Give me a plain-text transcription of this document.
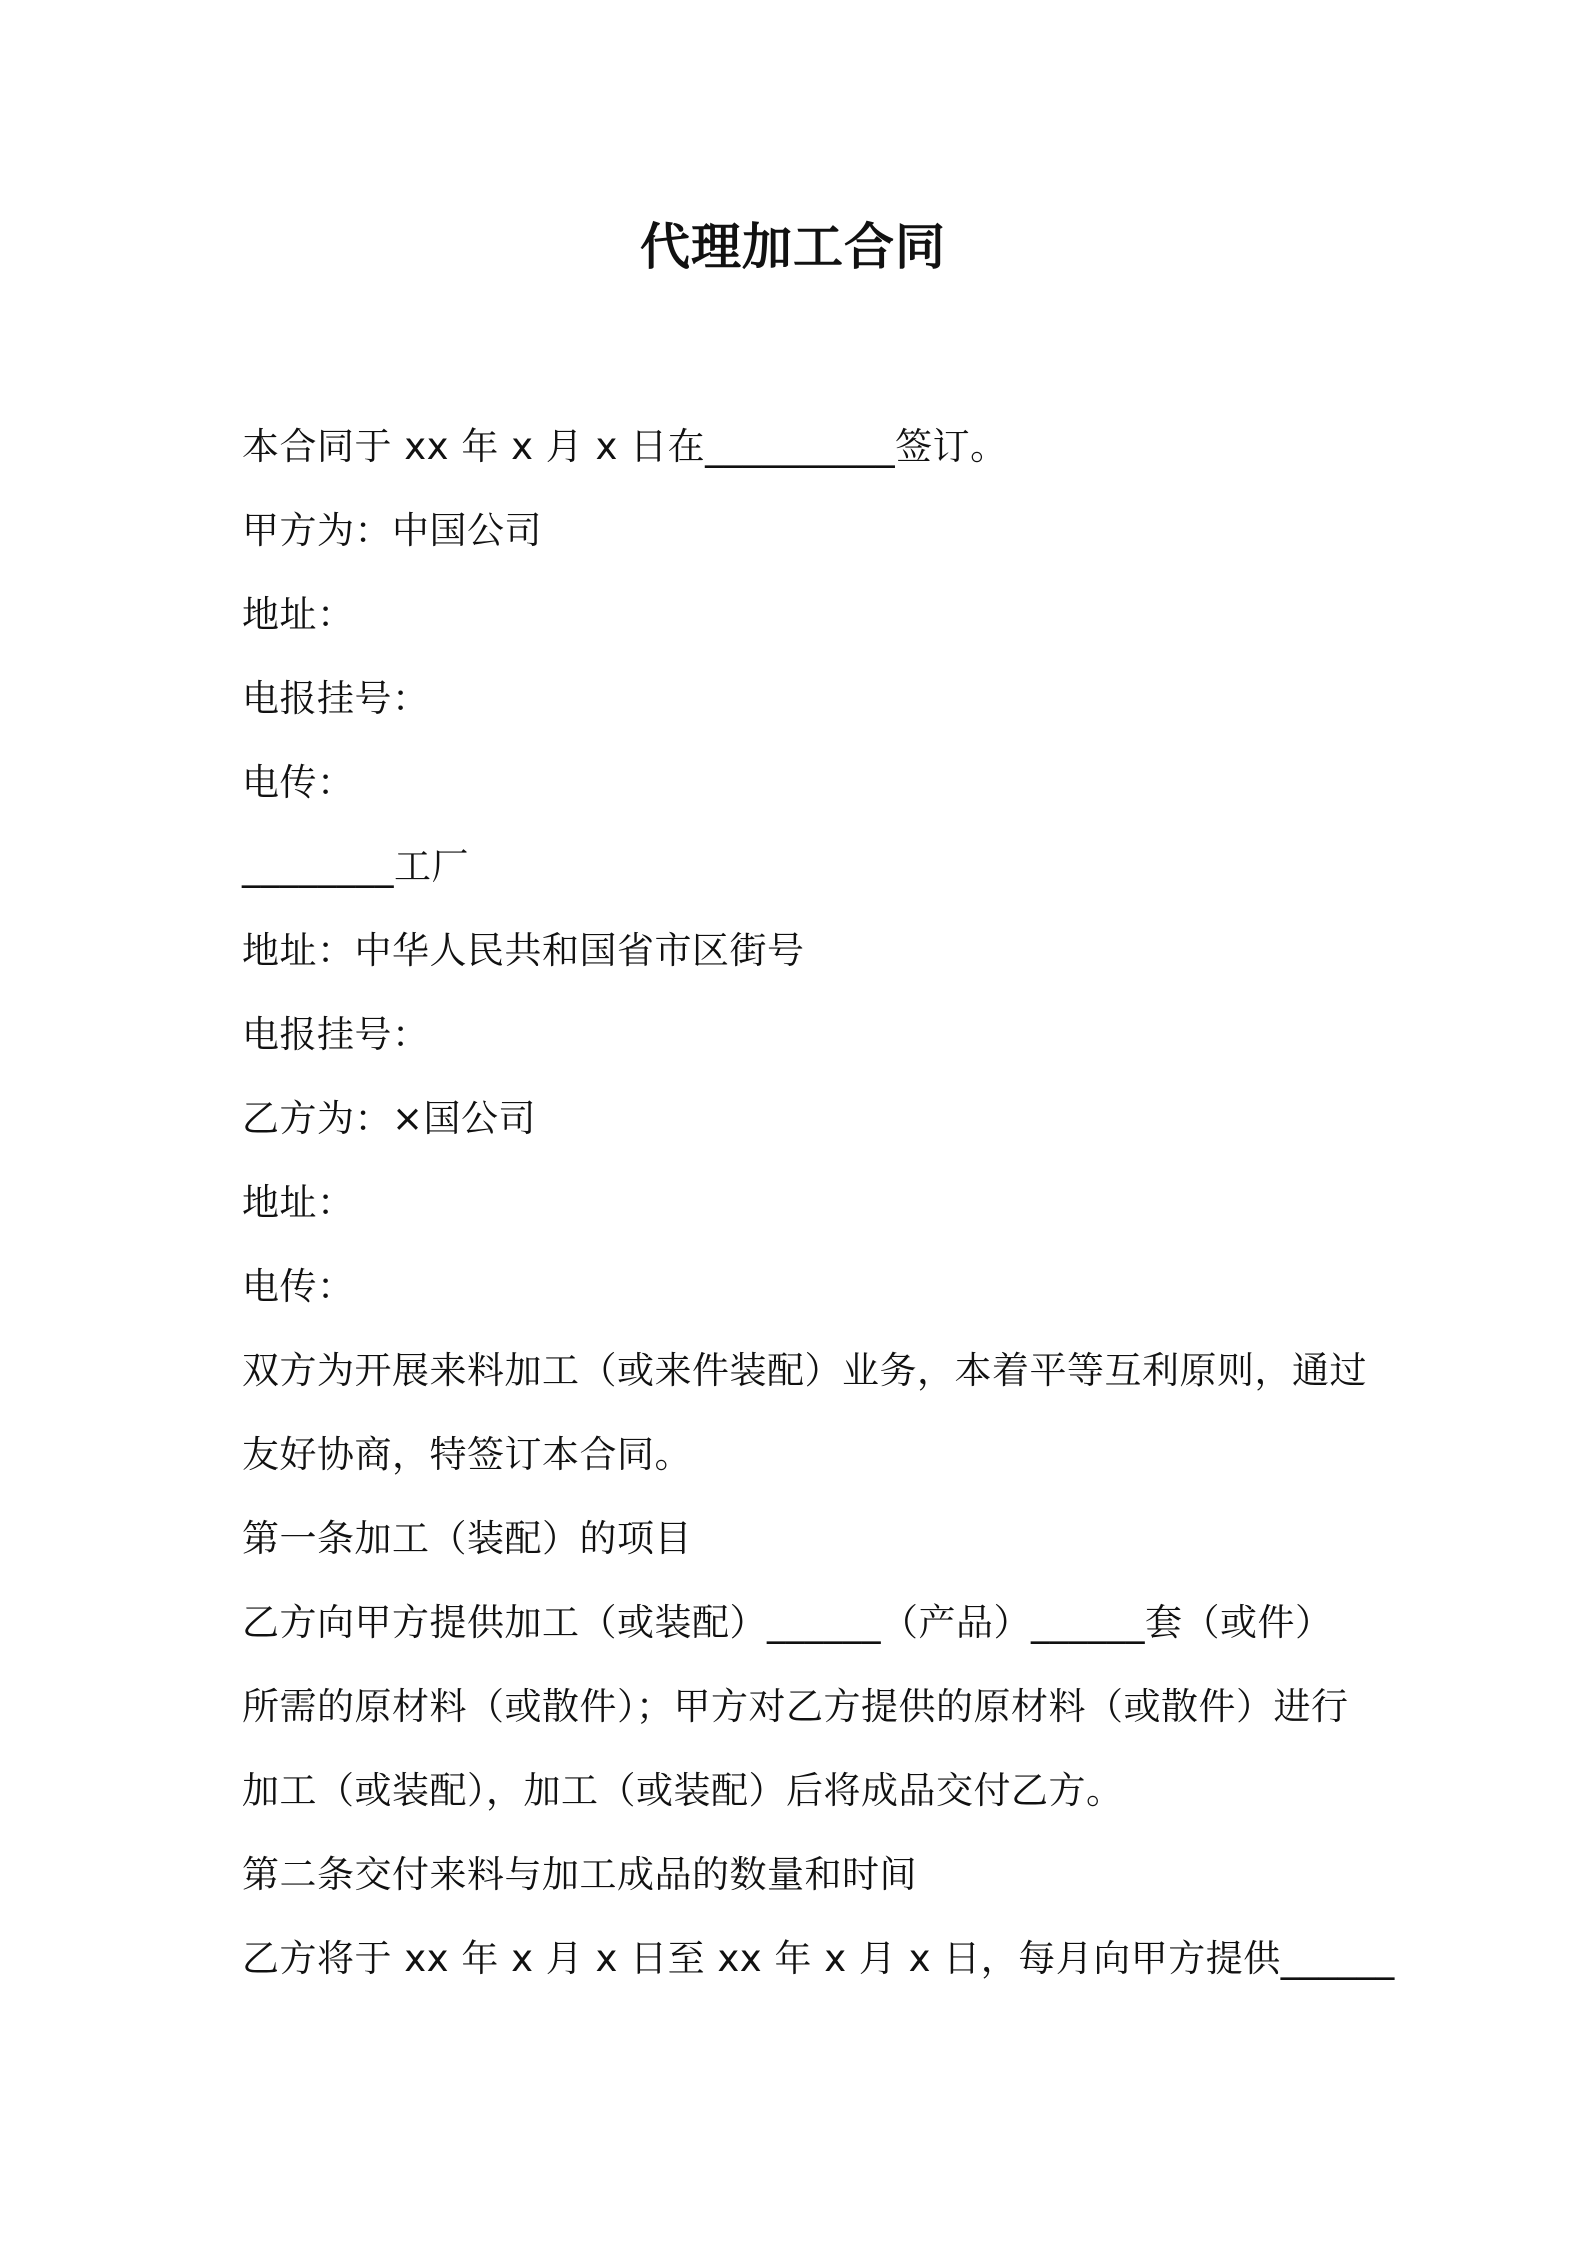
代理加工合同
本合同于 xx 年 x 月 x 日在__________签订。
甲方为：中国公司
地址：
电报挂号：
电传：
________工厂
地址：中华人民共和国省市区街号
电报挂号：
乙方为：×国公司
地址：
电传：
双方为开展来料加工（或来件装配）业务，本着平等互利原则，通过
友好协商，特签订本合同。
第一条加工（装配）的项目
乙方向甲方提供加工（或装配）______（产品）______套（或件）
所需的原材料（或散件）；甲方对乙方提供的原材料（或散件）进行
加工（或装配），加工（或装配）后将成品交付乙方。
第二条交付来料与加工成品的数量和时间
乙方将于 xx 年 x 月 x 日至 xx 年 x 月 x 日，每月向甲方提供______
